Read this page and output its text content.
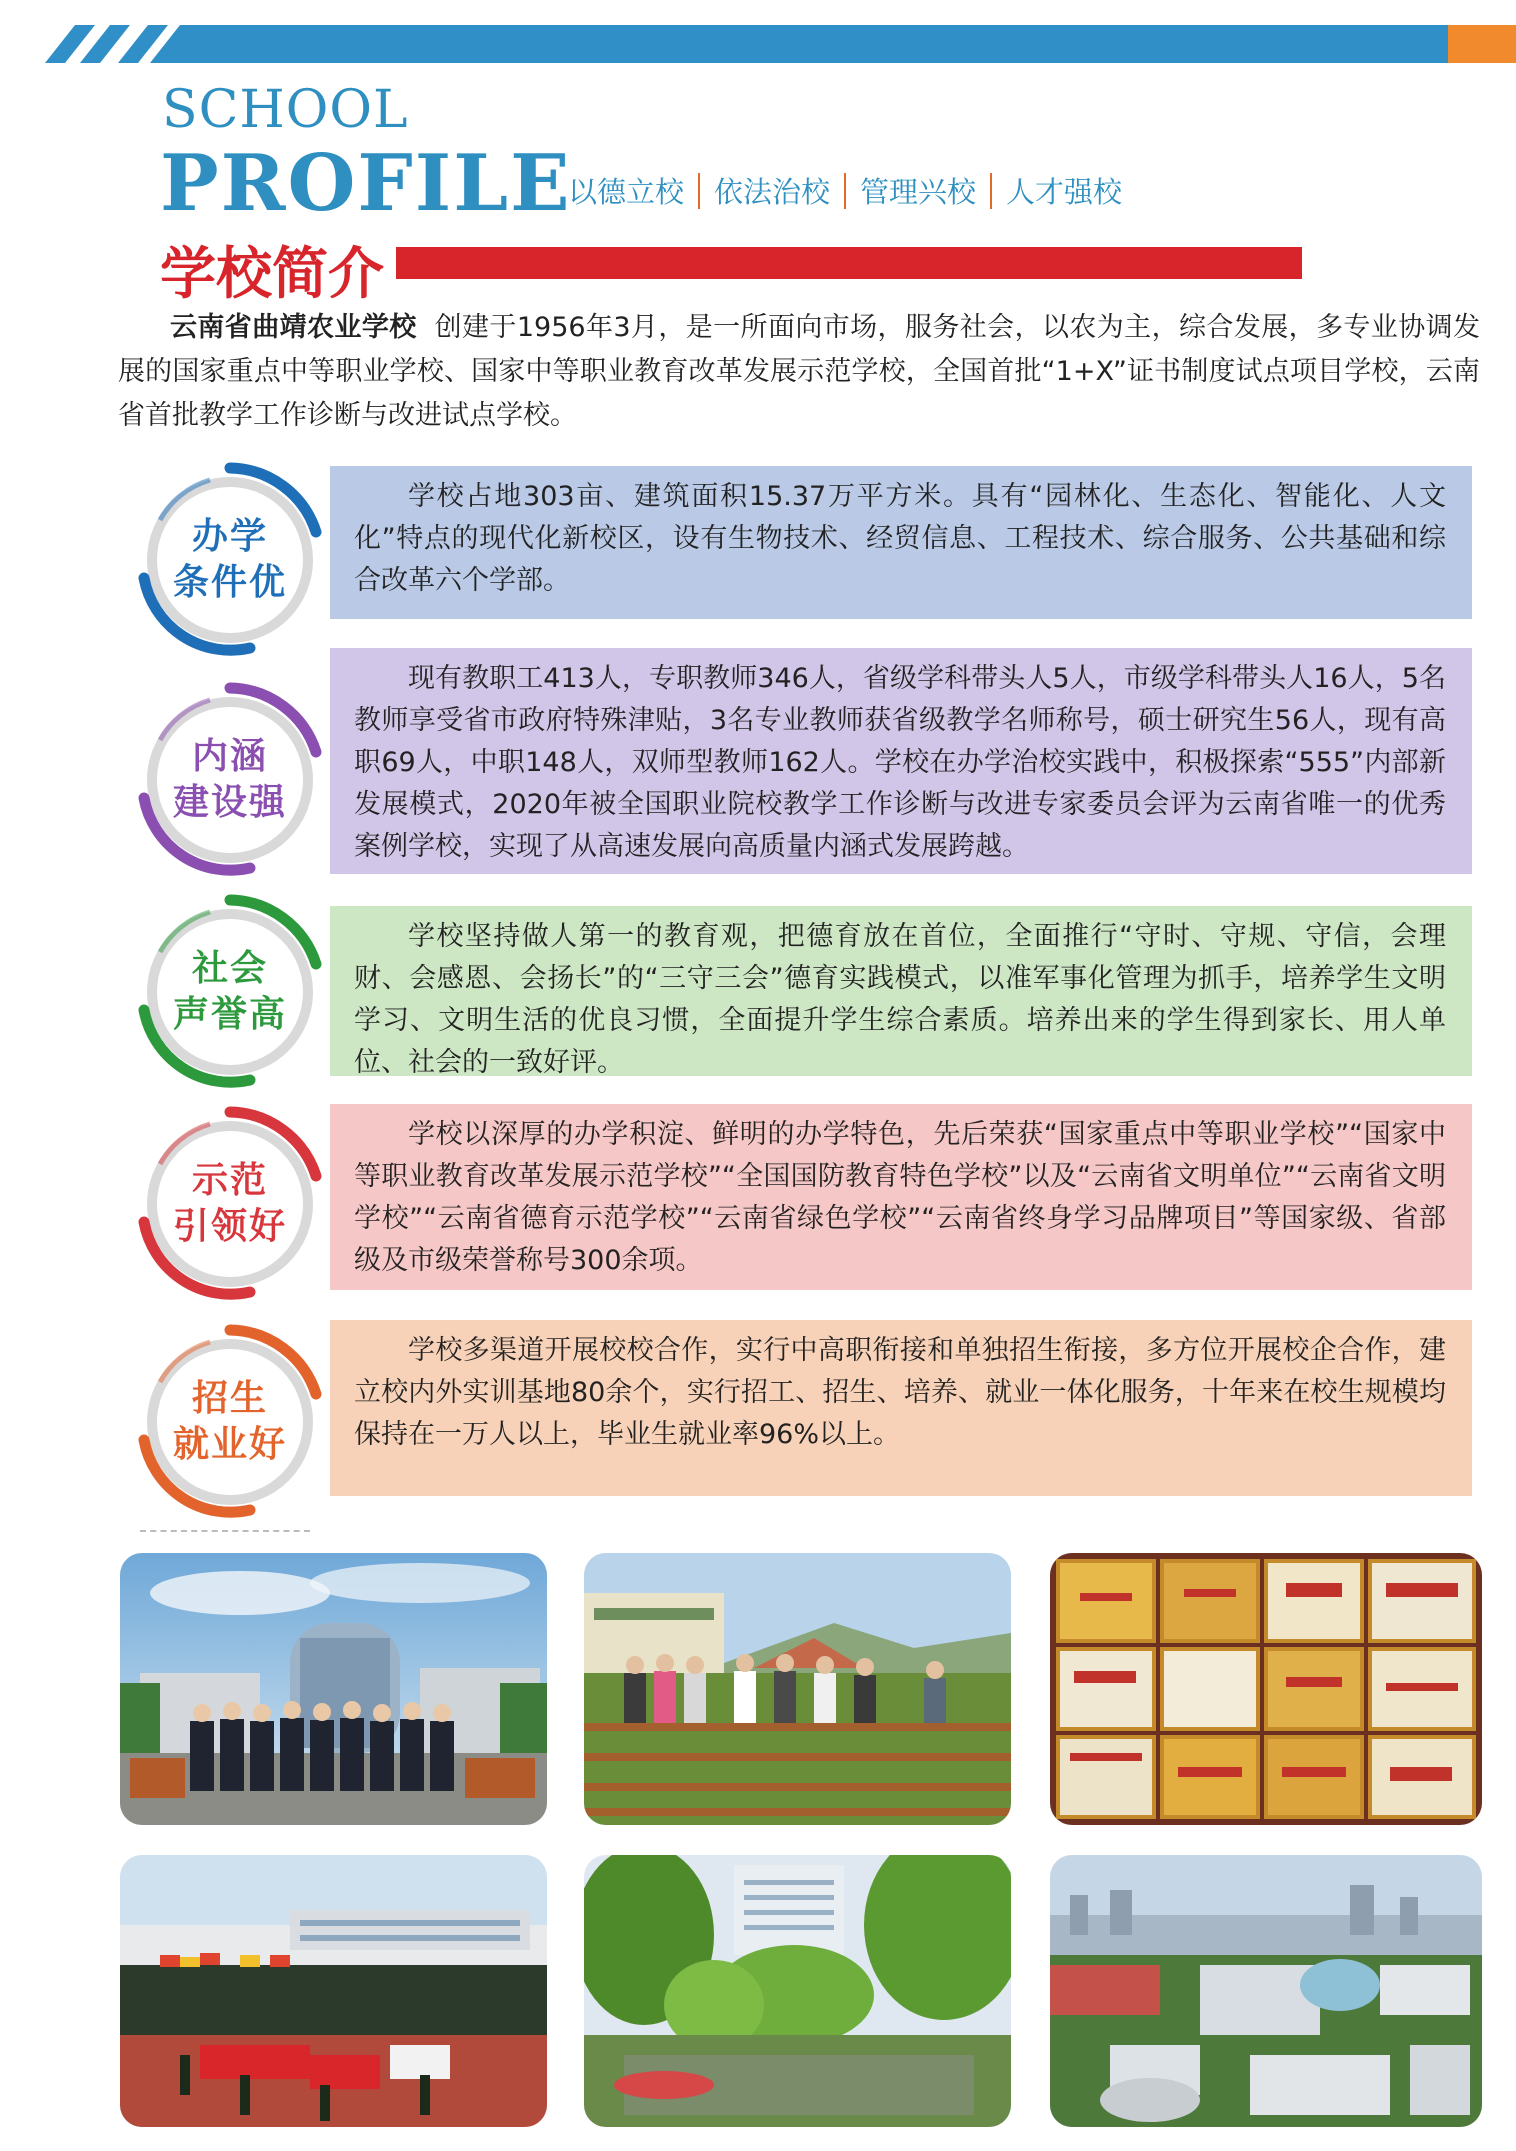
SCHOOL
PROFILE
以德立校 依法治校 管理兴校 人才强校
学校简介
云南省曲靖农业学校 创建于1956年3月，是一所面向市场，服务社会，以农为主，综合发展，多专业协调发展的国家重点中等职业学校、国家中等职业教育改革发展示范学校，全国首批“1+X”证书制度试点项目学校，云南省首批教学工作诊断与改进试点学校。
办学
条件优
学校占地303亩、建筑面积15.37万平方米。具有“园林化、生态化、智能化、人文化”特点的现代化新校区，设有生物技术、经贸信息、工程技术、综合服务、公共基础和综合改革六个学部。
内涵
建设强
现有教职工413人，专职教师346人，省级学科带头人5人，市级学科带头人16人，5名教师享受省市政府特殊津贴，3名专业教师获省级教学名师称号，硕士研究生56人，现有高职69人，中职148人，双师型教师162人。学校在办学治校实践中，积极探索“555”内部新发展模式，2020年被全国职业院校教学工作诊断与改进专家委员会评为云南省唯一的优秀案例学校，实现了从高速发展向高质量内涵式发展跨越。
社会
声誉高
学校坚持做人第一的教育观，把德育放在首位，全面推行“守时、守规、守信，会理财、会感恩、会扬长”的“三守三会”德育实践模式，以准军事化管理为抓手，培养学生文明学习、文明生活的优良习惯，全面提升学生综合素质。培养出来的学生得到家长、用人单位、社会的一致好评。
示范
引领好
学校以深厚的办学积淀、鲜明的办学特色，先后荣获“国家重点中等职业学校”“国家中等职业教育改革发展示范学校”“全国国防教育特色学校”以及“云南省文明单位”“云南省文明学校”“云南省德育示范学校”“云南省绿色学校”“云南省终身学习品牌项目”等国家级、省部级及市级荣誉称号300余项。
招生
就业好
学校多渠道开展校校合作，实行中高职衔接和单独招生衔接，多方位开展校企合作，建立校内外实训基地80余个，实行招工、招生、培养、就业一体化服务，十年来在校生规模均保持在一万人以上，毕业生就业率96%以上。
